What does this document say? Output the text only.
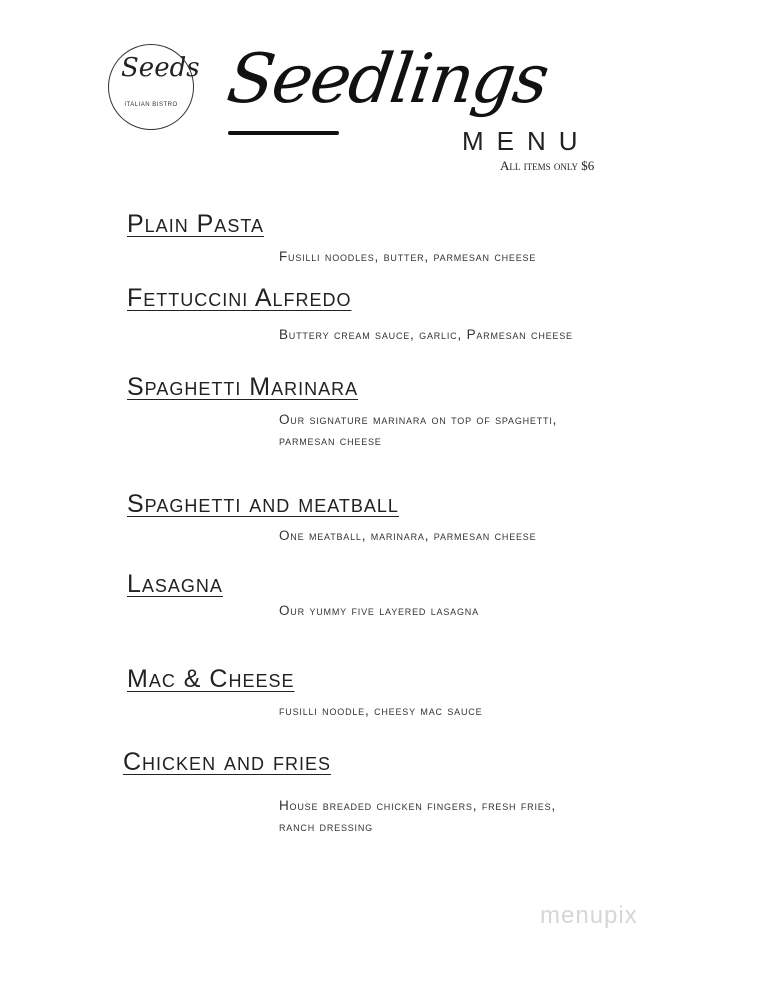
Seeds
ITALIAN BISTRO Seedlings
MENU
All items only $6
Plain Pasta
Fusilli noodles, butter, parmesan cheese
Fettuccini Alfredo
Buttery cream sauce, garlic, Parmesan cheese
Spaghetti Marinara
Our signature marinara on top of spaghetti,
parmesan cheese
Spaghetti and meatball
One meatball, marinara, parmesan cheese
Lasagna
Our yummy five layered lasagna
Mac & Cheese
fusilli noodle, cheesy mac sauce
Chicken and fries
House breaded chicken fingers, fresh fries,
ranch dressing
menupix
